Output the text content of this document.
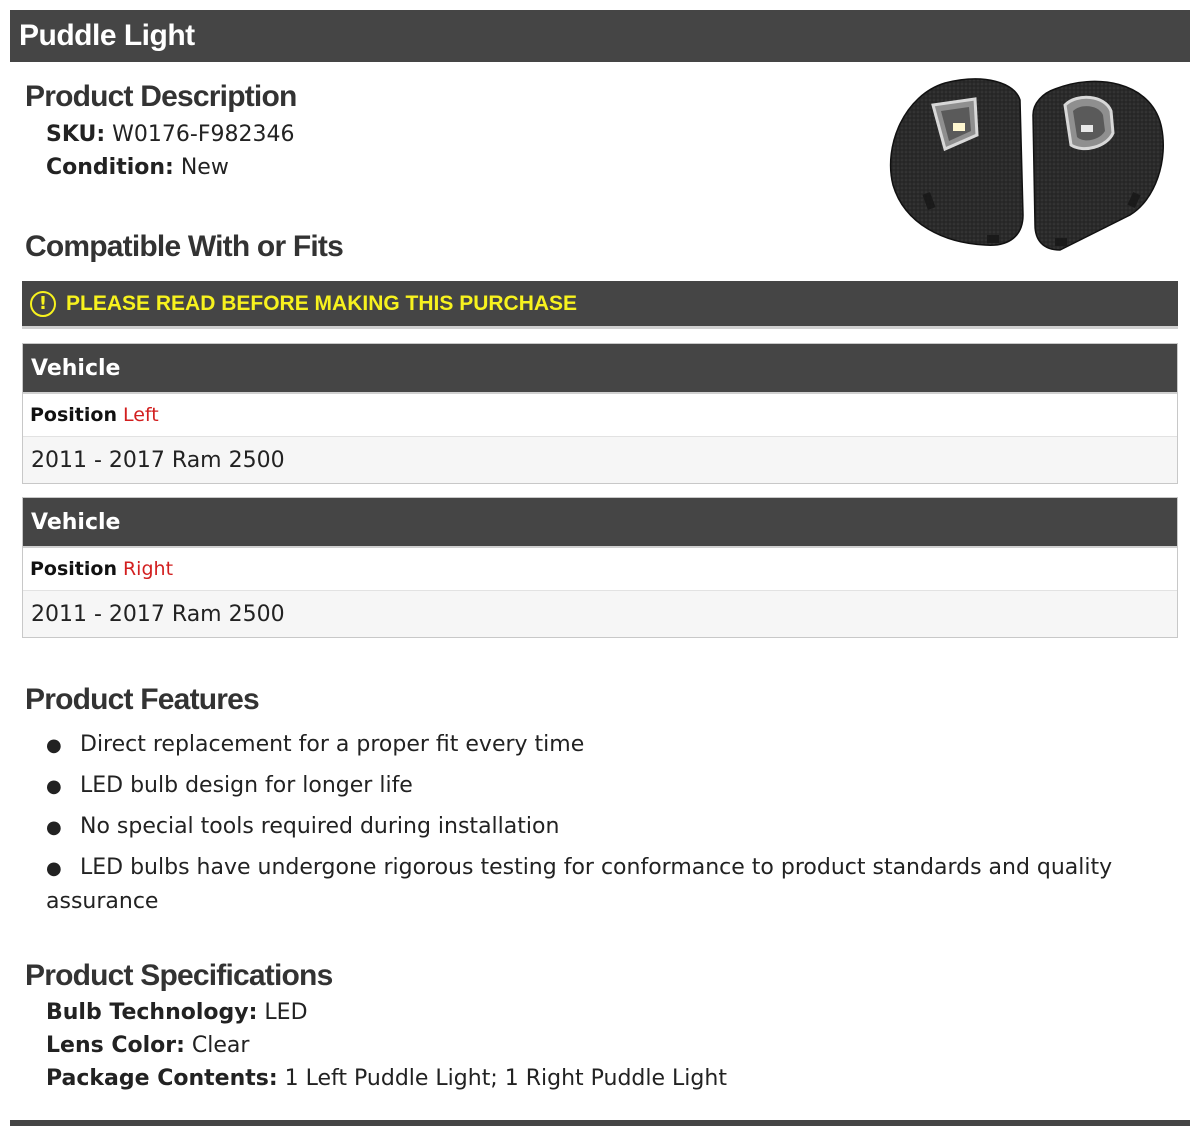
Puddle Light
Product Description
SKU: W0176-F982346
Condition: New
Compatible With or Fits
! PLEASE READ BEFORE MAKING THIS PURCHASE
Vehicle
Position Left
2011 - 2017 Ram 2500
Vehicle
Position Right
2011 - 2017 Ram 2500
Product Features
● Direct replacement for a proper fit every time
● LED bulb design for longer life
● No special tools required during installation
● LED bulbs have undergone rigorous testing for conformance to product standards and quality assurance
Product Specifications
Bulb Technology: LED
Lens Color: Clear
Package Contents: 1 Left Puddle Light; 1 Right Puddle Light
